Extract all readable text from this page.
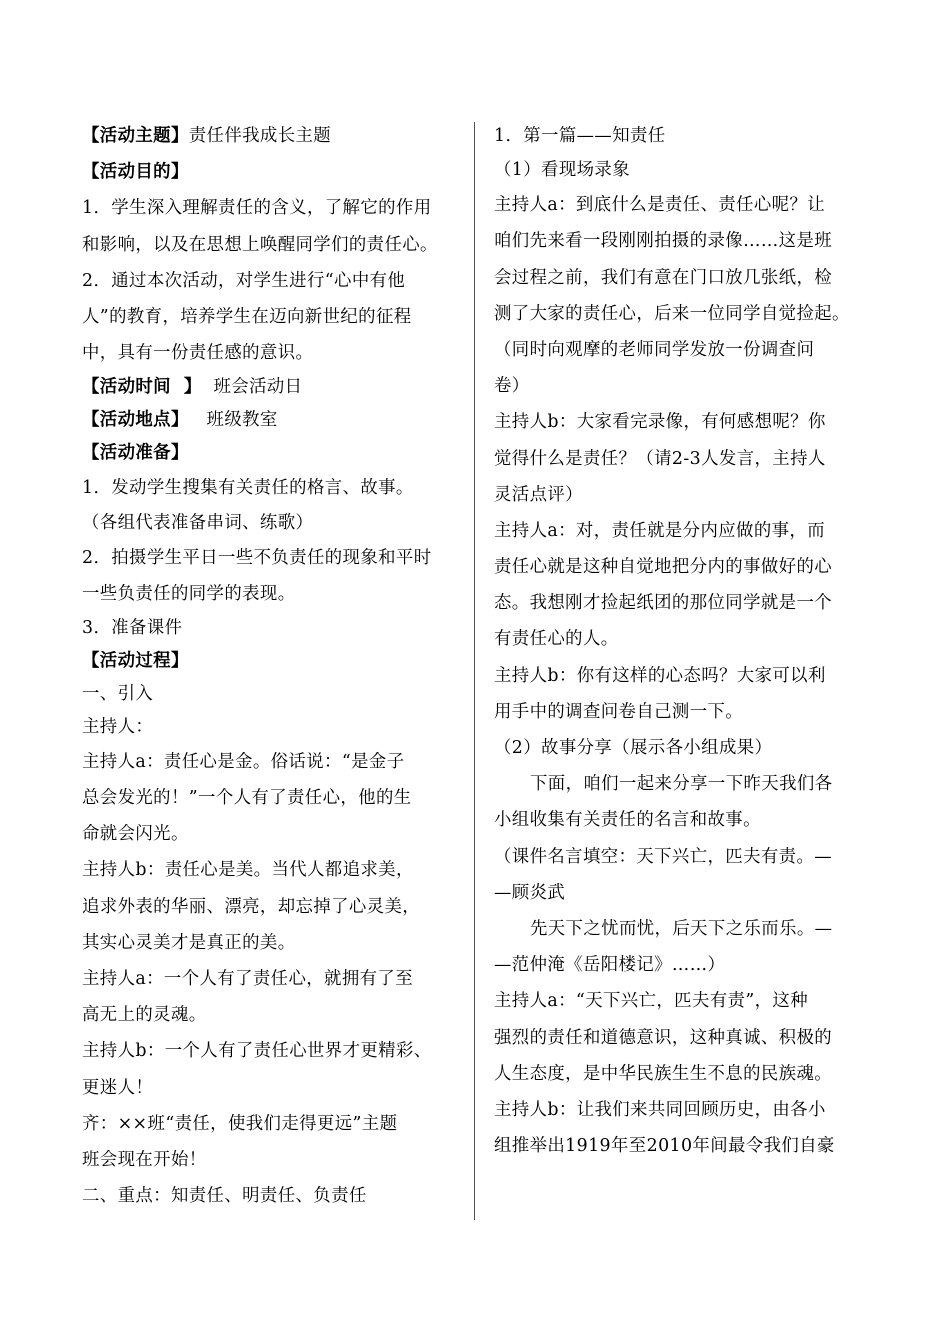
【活动主题】责任伴我成长主题
【活动目的】
1．学生深入理解责任的含义，了解它的作用
和影响，以及在思想上唤醒同学们的责任心。
2．通过本次活动，对学生进行“心中有他
人”的教育，培养学生在迈向新世纪的征程
中，具有一份责任感的意识。
【活动时间  】  班会活动日
【活动地点】   班级教室
【活动准备】
1．发动学生搜集有关责任的格言、故事。
（各组代表准备串词、练歌）
2．拍摄学生平日一些不负责任的现象和平时
一些负责任的同学的表现。
3．准备课件
【活动过程】
一、引入
主持人：
主持人a：责任心是金。俗话说：“是金子
总会发光的！”一个人有了责任心，他的生
命就会闪光。
主持人b：责任心是美。当代人都追求美，
追求外表的华丽、漂亮，却忘掉了心灵美，
其实心灵美才是真正的美。
主持人a：一个人有了责任心，就拥有了至
高无上的灵魂。
主持人b：一个人有了责任心世界才更精彩、
更迷人！
齐：××班“责任，使我们走得更远”主题
班会现在开始！
二、重点：知责任、明责任、负责任
1．第一篇——知责任
（1）看现场录象
主持人a：到底什么是责任、责任心呢？让
咱们先来看一段刚刚拍摄的录像……这是班
会过程之前，我们有意在门口放几张纸，检
测了大家的责任心，后来一位同学自觉捡起。
（同时向观摩的老师同学发放一份调查问
卷）
主持人b：大家看完录像，有何感想呢？你
觉得什么是责任？（请2-3人发言，主持人
灵活点评）
主持人a：对，责任就是分内应做的事，而
责任心就是这种自觉地把分内的事做好的心
态。我想刚才捡起纸团的那位同学就是一个
有责任心的人。
主持人b：你有这样的心态吗？大家可以利
用手中的调查问卷自己测一下。
（2）故事分享（展示各小组成果）
下面，咱们一起来分享一下昨天我们各
小组收集有关责任的名言和故事。
（课件名言填空：天下兴亡，匹夫有责。—
—顾炎武
先天下之忧而忧，后天下之乐而乐。—
—范仲淹《岳阳楼记》……）
主持人a：“天下兴亡，匹夫有责”，这种
强烈的责任和道德意识，这种真诚、积极的
人生态度，是中华民族生生不息的民族魂。
主持人b：让我们来共同回顾历史，由各小
组推举出1919年至2010年间最令我们自豪
